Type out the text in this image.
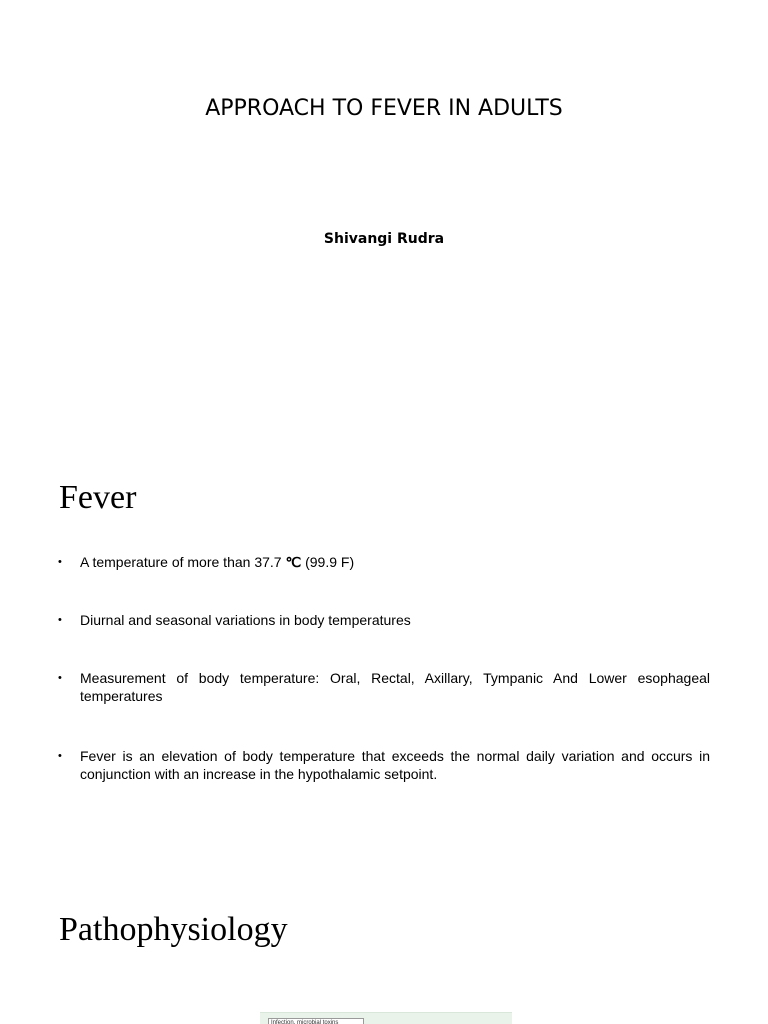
APPROACH TO FEVER IN ADULTS
Shivangi Rudra
Fever
• A temperature of more than 37.7 ℃ (99.9 F)
• Diurnal and seasonal variations in body temperatures
• Measurement of body temperature: Oral, Rectal, Axillary, Tympanic And Lower esophageal temperatures
• Fever is an elevation of body temperature that exceeds the normal daily variation and occurs in conjunction with an increase in the hypothalamic setpoint.
Pathophysiology
Infection, microbial toxins
